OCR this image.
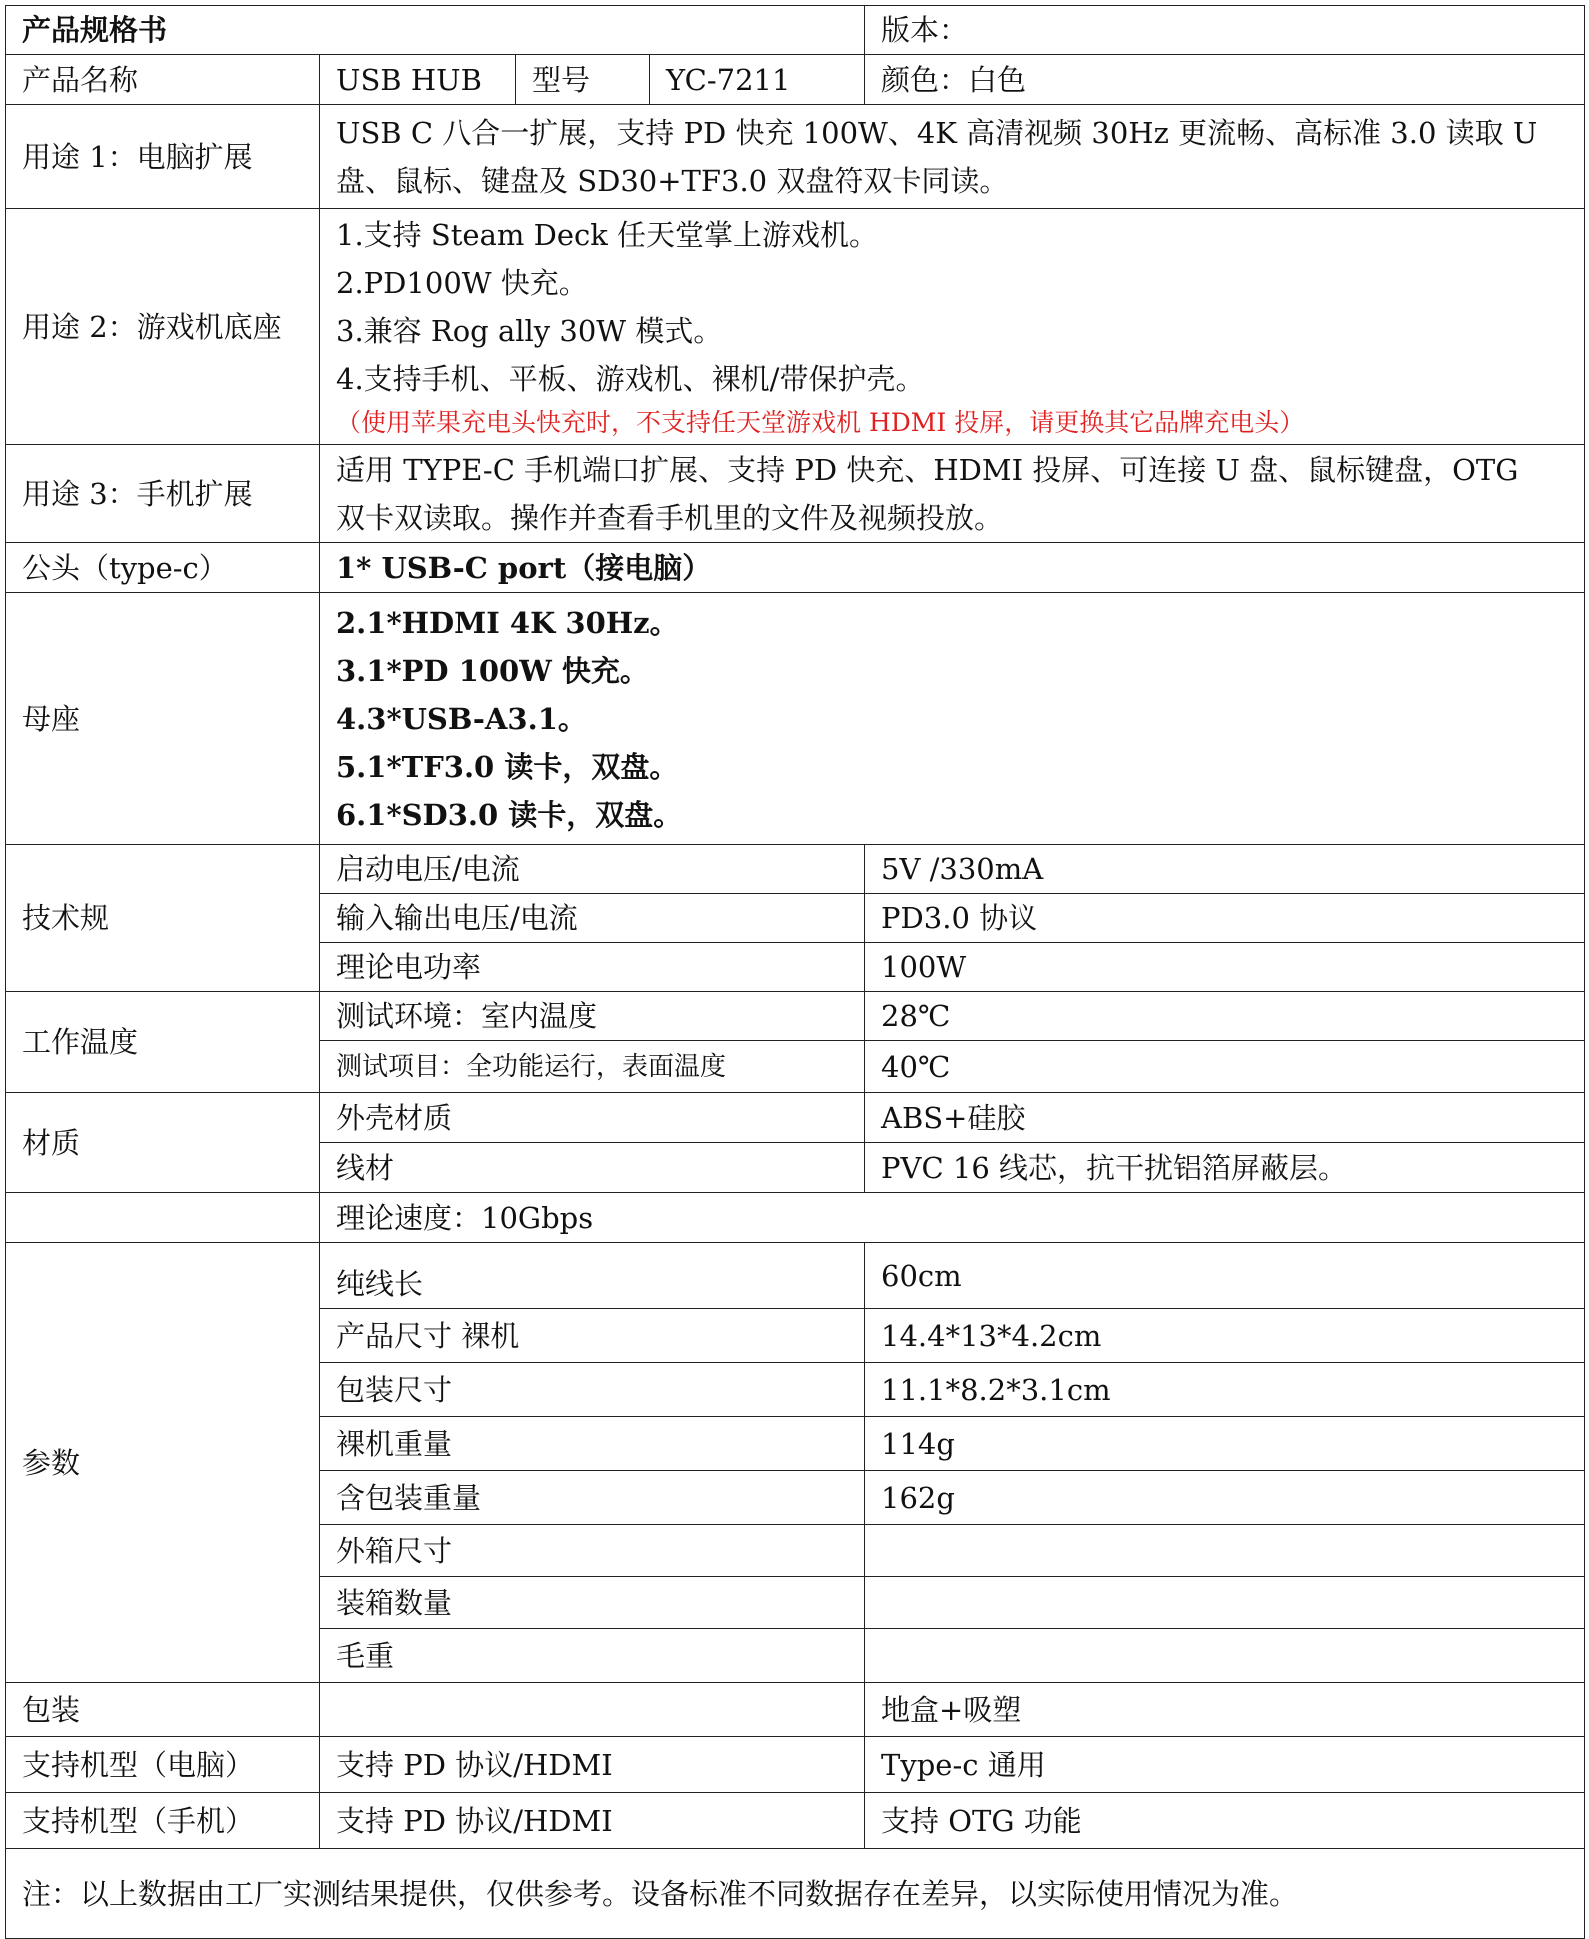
产品规格书				版本：
产品名称	USB HUB	型号	YC-7211	颜色：白色
用途 1：电脑扩展	USB C 八合一扩展，支持 PD 快充 100W、4K 高清视频 30Hz 更流畅、高标准 3.0 读取 U
盘、鼠标、键盘及 SD30+TF3.0 双盘符双卡同读。			

用途 2：游戏机底座	1.支持 Steam Deck 任天堂掌上游戏机。
2.PD100W 快充。
3.兼容 Rog ally 30W 模式。
4.支持手机、平板、游戏机、裸机/带保护壳。
（使用苹果充电头快充时，不支持任天堂游戏机 HDMI 投屏，请更换其它品牌充电头）			

用途 3：手机扩展	适用 TYPE-C 手机端口扩展、支持 PD 快充、HDMI 投屏、可连接 U 盘、鼠标键盘，OTG
双卡双读取。操作并查看手机里的文件及视频投放。			

公头（type-c）	1* USB-C port（接电脑）			
母座	2.1*HDMI 4K 30Hz。
3.1*PD 100W 快充。
4.3*USB-A3.1。
5.1*TF3.0 读卡，双盘。
6.1*SD3.0 读卡，双盘。			

技术规	启动电压/电流			5V /330mA
	输入输出电压/电流			PD3.0 协议
	理论电功率			100W
工作温度	测试环境：室内温度			28℃
	测试项目：全功能运行，表面温度			40℃
材质	外壳材质			ABS+硅胶
	线材			PVC 16 线芯，抗干扰铝箔屏蔽层。
	理论速度：10Gbps			
参数	纯线长			60cm
	产品尺寸 裸机			14.4*13*4.2cm
	包装尺寸			11.1*8.2*3.1cm
	裸机重量			114g
	含包装重量			162g
	外箱尺寸			
	装箱数量			
	毛重			
包装				地盒+吸塑
支持机型（电脑）	支持 PD 协议/HDMI			Type-c 通用
支持机型（手机）	支持 PD 协议/HDMI			支持 OTG 功能
注：以上数据由工厂实测结果提供，仅供参考。设备标准不同数据存在差异，以实际使用情况为准。				
